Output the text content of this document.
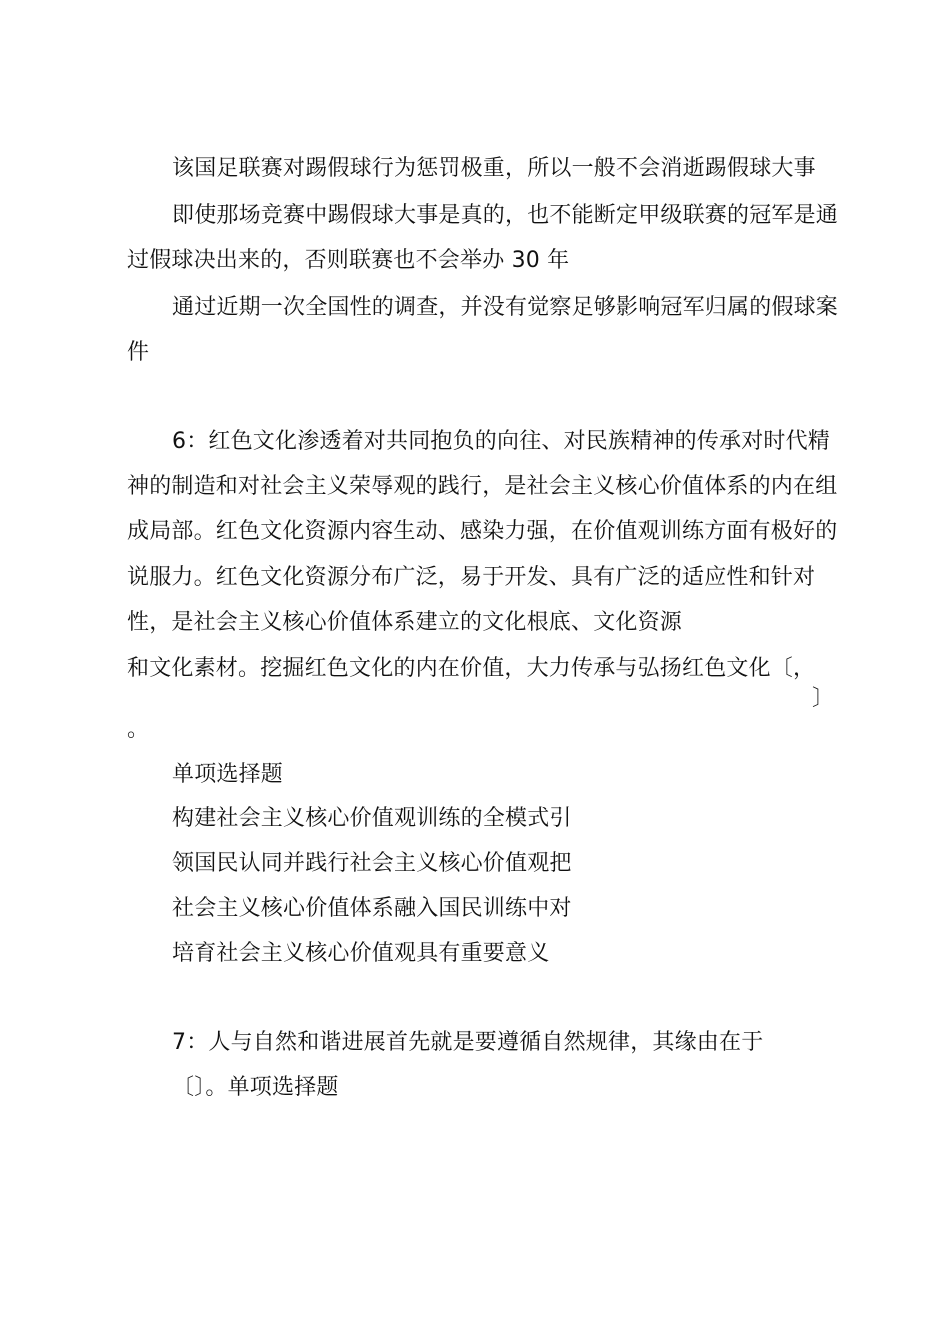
该国足联赛对踢假球行为惩罚极重，所以一般不会消逝踢假球大事
即使那场竞赛中踢假球大事是真的，也不能断定甲级联赛的冠军是通
过假球决出来的，否则联赛也不会举办 30 年
通过近期一次全国性的调查，并没有觉察足够影响冠军归属的假球案
件
6：红色文化渗透着对共同抱负的向往、对民族精神的传承对时代精
神的制造和对社会主义荣辱观的践行，是社会主义核心价值体系的内在组
成局部。红色文化资源内容生动、感染力强，在价值观训练方面有极好的
说服力。红色文化资源分布广泛，易于开发、具有广泛的适应性和针对
性，是社会主义核心价值体系建立的文化根底、文化资源
和文化素材。挖掘红色文化的内在价值，大力传承与弘扬红色文化〔，
〕
。
单项选择题
构建社会主义核心价值观训练的全模式引
领国民认同并践行社会主义核心价值观把
社会主义核心价值体系融入国民训练中对
培育社会主义核心价值观具有重要意义
7：人与自然和谐进展首先就是要遵循自然规律，其缘由在于
〔〕。单项选择题
